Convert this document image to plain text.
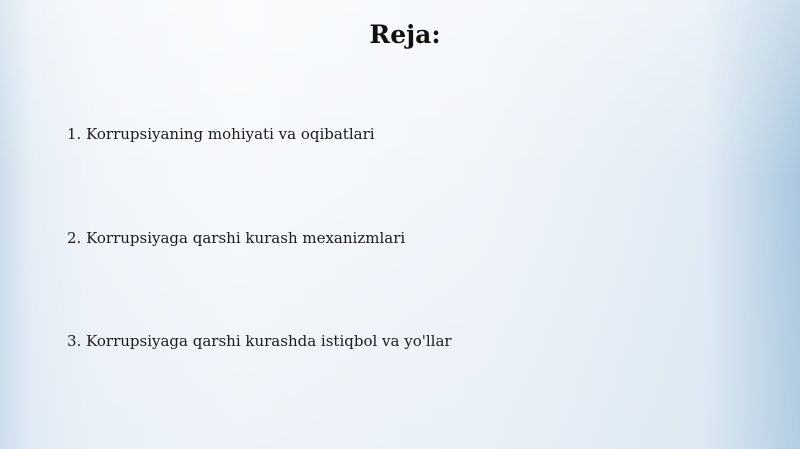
Reja:
1. Korrupsiyaning mohiyati va oqibatlari
2. Korrupsiyaga qarshi kurash mexanizmlari
3. Korrupsiyaga qarshi kurashda istiqbol va yo'llar
